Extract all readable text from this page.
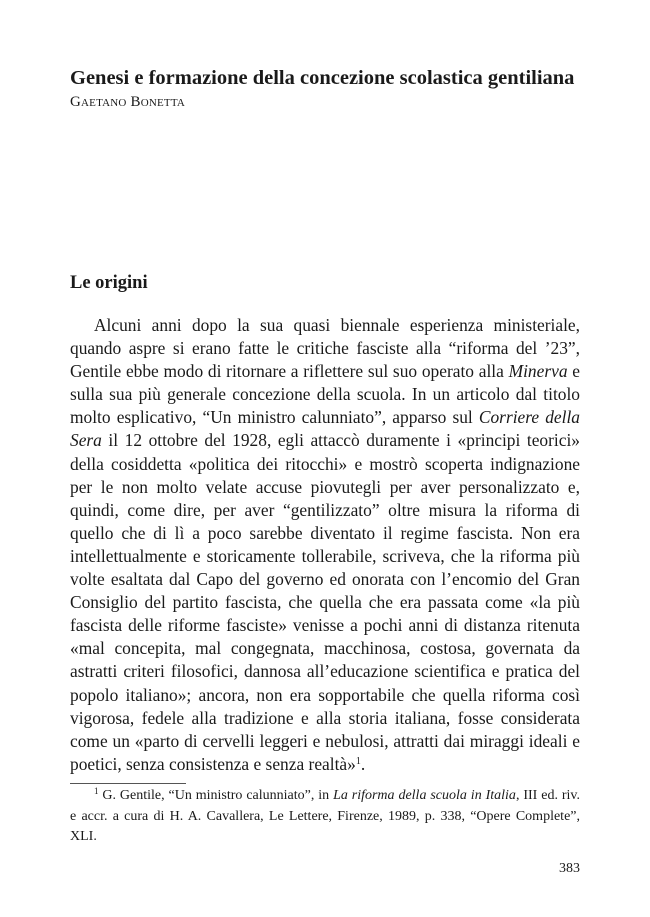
Genesi e formazione della concezione scolastica gentiliana
Gaetano Bonetta
Le origini

Alcuni anni dopo la sua quasi biennale esperienza ministeriale, quando aspre si erano fatte le critiche fasciste alla “riforma del ’23”, Gentile ebbe modo di ritornare a riflettere sul suo operato alla Minerva e sulla sua più generale concezione della scuola. In un articolo dal titolo molto esplicativo, “Un ministro calunniato”, apparso sul Corriere della Sera il 12 ottobre del 1928, egli attaccò duramente i «principi teorici» della cosiddetta «politica dei ritocchi» e mostrò scoperta indignazione per le non molto velate accuse piovutegli per aver personalizzato e, quindi, come dire, per aver “gentilizzato” oltre misura la riforma di quello che di lì a poco sarebbe diventato il regime fascista. Non era intellettualmente e storicamente tollerabile, scriveva, che la riforma più volte esaltata dal Capo del governo ed onorata con l’encomio del Gran Consiglio del partito fascista, che quella che era passata come «la più fascista delle riforme fasciste» venisse a pochi anni di distanza ritenuta «mal concepita, mal congegnata, macchinosa, costosa, governata da astratti criteri filosofici, dannosa all’educazione scientifica e pratica del popolo italiano»; ancora, non era sopportabile che quella riforma così vigorosa, fedele alla tradizione e alla storia italiana, fosse considerata come un «parto di cervelli leggeri e nebulosi, attratti dai miraggi ideali e poetici, senza consistenza e senza realtà»$^1$.

$^1$ G. Gentile, “Un ministro calunniato”, in La riforma della scuola in Italia, III ed. riv. e accr. a cura di H. A. Cavallera, Le Lettere, Firenze, 1989, p. 338, “Opere Complete”, XLI.

383
